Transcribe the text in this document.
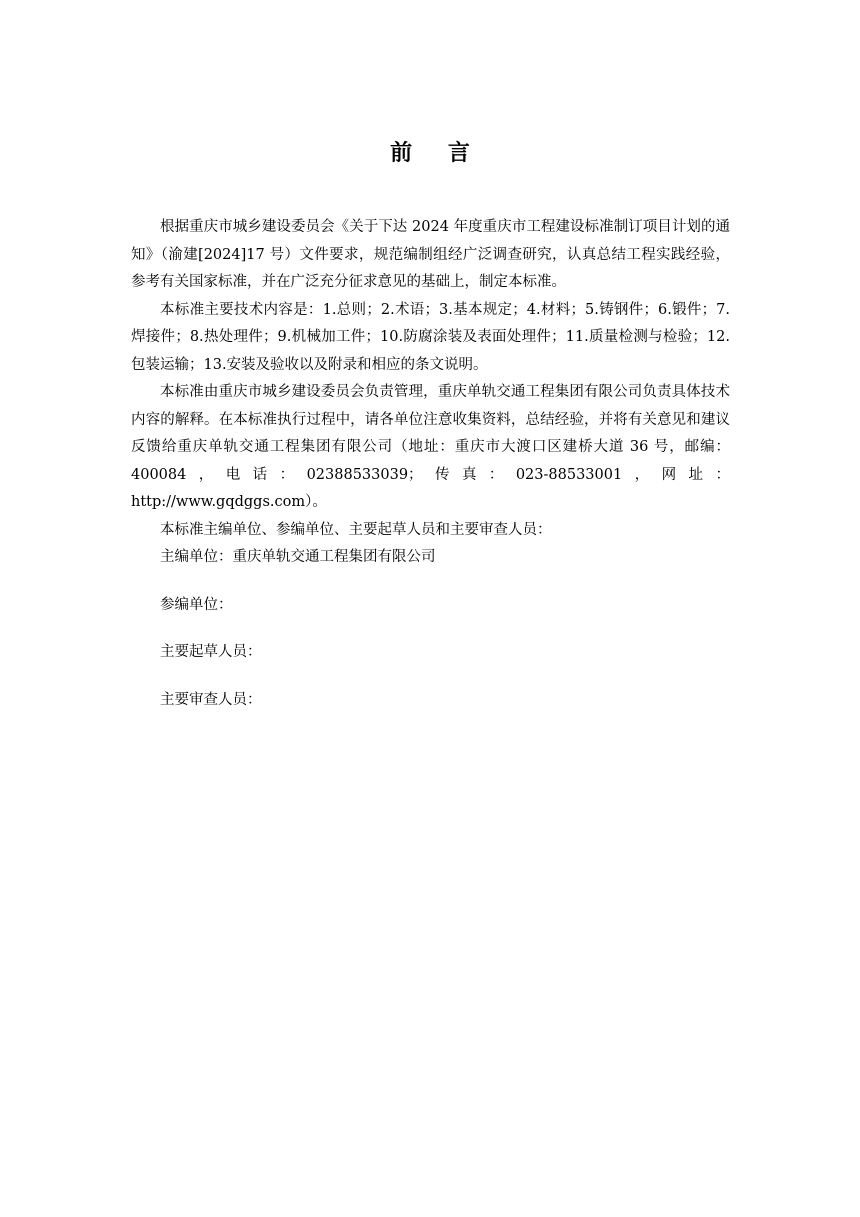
前 言

根据重庆市城乡建设委员会《关于下达 2024 年度重庆市工程建设标准制订项目计划的通知》（渝建[2024]17 号）文件要求，规范编制组经广泛调查研究，认真总结工程实践经验，参考有关国家标准，并在广泛充分征求意见的基础上，制定本标准。

本标准主要技术内容是：1.总则；2.术语；3.基本规定；4.材料；5.铸钢件；6.锻件；7.焊接件；8.热处理件；9.机械加工件；10.防腐涂装及表面处理件；11.质量检测与检验；12.包装运输；13.安装及验收以及附录和相应的条文说明。

本标准由重庆市城乡建设委员会负责管理，重庆单轨交通工程集团有限公司负责具体技术内容的解释。在本标准执行过程中，请各单位注意收集资料，总结经验，并将有关意见和建议反馈给重庆单轨交通工程集团有限公司（地址：重庆市大渡口区建桥大道 36 号，邮编：400084，电话：02388533039；传真：023-88533001，网址：http://www.gqdggs.com）。

本标准主编单位、参编单位、主要起草人员和主要审查人员：

主编单位：重庆单轨交通工程集团有限公司

参编单位：

主要起草人员：

主要审查人员：
